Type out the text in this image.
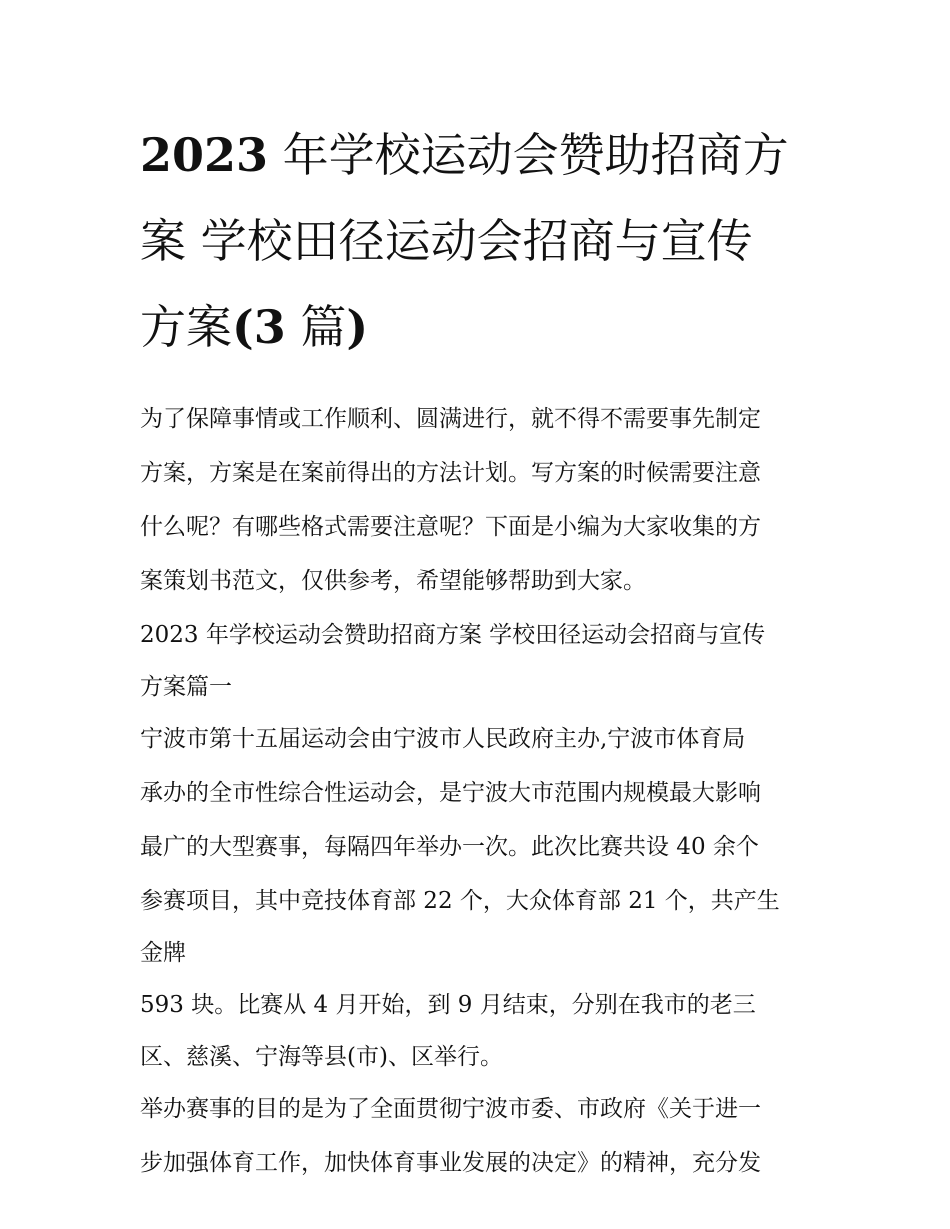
2023 年学校运动会赞助招商方
案 学校田径运动会招商与宣传
方案(3 篇)

为了保障事情或工作顺利、圆满进行，就不得不需要事先制定
方案，方案是在案前得出的方法计划。写方案的时候需要注意
什么呢？有哪些格式需要注意呢？下面是小编为大家收集的方
案策划书范文，仅供参考，希望能够帮助到大家。

2023 年学校运动会赞助招商方案 学校田径运动会招商与宣传
方案篇一

宁波市第十五届运动会由宁波市人民政府主办,宁波市体育局
承办的全市性综合性运动会，是宁波大市范围内规模最大影响
最广的大型赛事，每隔四年举办一次。此次比赛共设 40 余个
参赛项目，其中竞技体育部 22 个，大众体育部 21 个，共产生
金牌

593 块。比赛从 4 月开始，到 9 月结束，分别在我市的老三
区、慈溪、宁海等县(市)、区举行。

举办赛事的目的是为了全面贯彻宁波市委、市政府《关于进一
步加强体育工作，加快体育事业发展的决定》的精神，充分发
